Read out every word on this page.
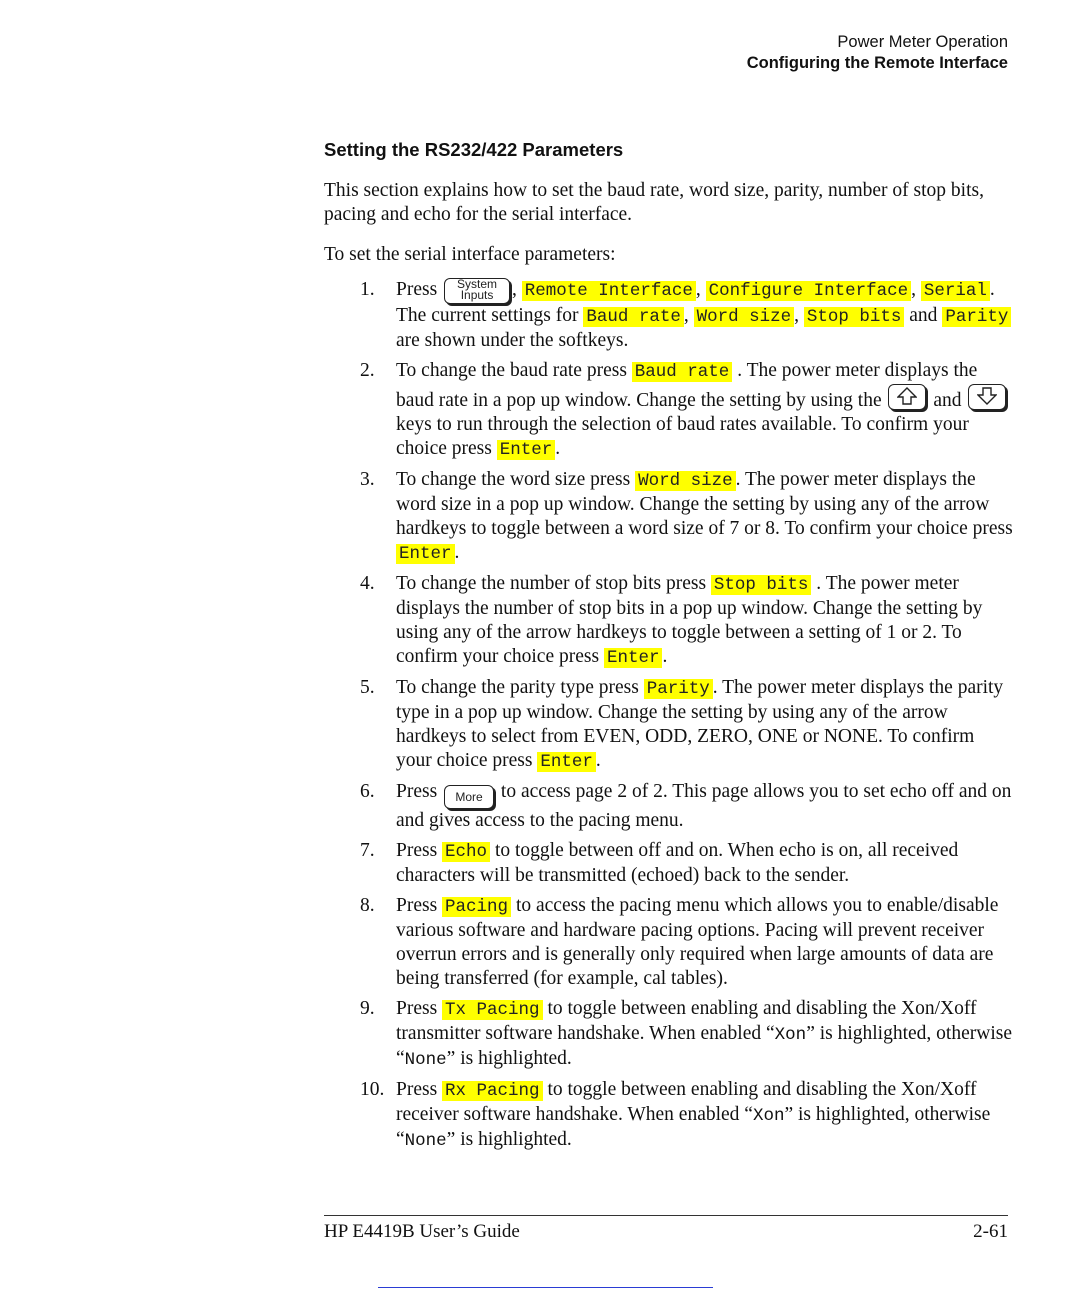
Power Meter Operation
Configuring the Remote Interface
Setting the RS232/422 Parameters
This section explains how to set the baud rate, word size, parity, number of stop bits, pacing and echo for the serial interface.
To set the serial interface parameters:
1. Press	System
Inputs , Remote Interface , Configure Interface , Serial . The current settings for Baud rate , Word size , Stop bits and Parity are shown under the softkeys.
2. To change the baud rate press Baud rate . The power meter displays the baud rate in a pop up window. Change the setting by using the	and
keys to run through the selection of baud rates available. To confirm your choice press Enter .
3. To change the word size press Word size . The power meter displays the word size in a pop up window. Change the setting by using any of the arrow hardkeys to toggle between a word size of 7 or 8. To confirm your choice press Enter .
4. To change the number of stop bits press Stop bits . The power meter displays the number of stop bits in a pop up window. Change the setting by using any of the arrow hardkeys to toggle between a setting of 1 or 2. To confirm your choice press Enter .
5. To change the parity type press Parity . The power meter displays the parity type in a pop up window. Change the setting by using any of the arrow hardkeys to select from EVEN, ODD, ZERO, ONE or NONE. To confirm your choice press Enter .
6. Press More to access page 2 of 2. This page allows you to set echo off and on and gives access to the pacing menu.
7. Press Echo to toggle between off and on. When echo is on, all received characters will be transmitted (echoed) back to the sender.
8. Press Pacing to access the pacing menu which allows you to enable/disable various software and hardware pacing options. Pacing will prevent receiver overrun errors and is generally only required when large amounts of data are being transferred (for example, cal tables).
9. Press Tx Pacing to toggle between enabling and disabling the Xon/Xoff transmitter software handshake. When enabled “Xon” is highlighted, otherwise “None” is highlighted.
10. Press Rx Pacing to toggle between enabling and disabling the Xon/Xoff receiver software handshake. When enabled “Xon” is highlighted, otherwise “None” is highlighted.
HP E4419B User’s Guide	2-61
